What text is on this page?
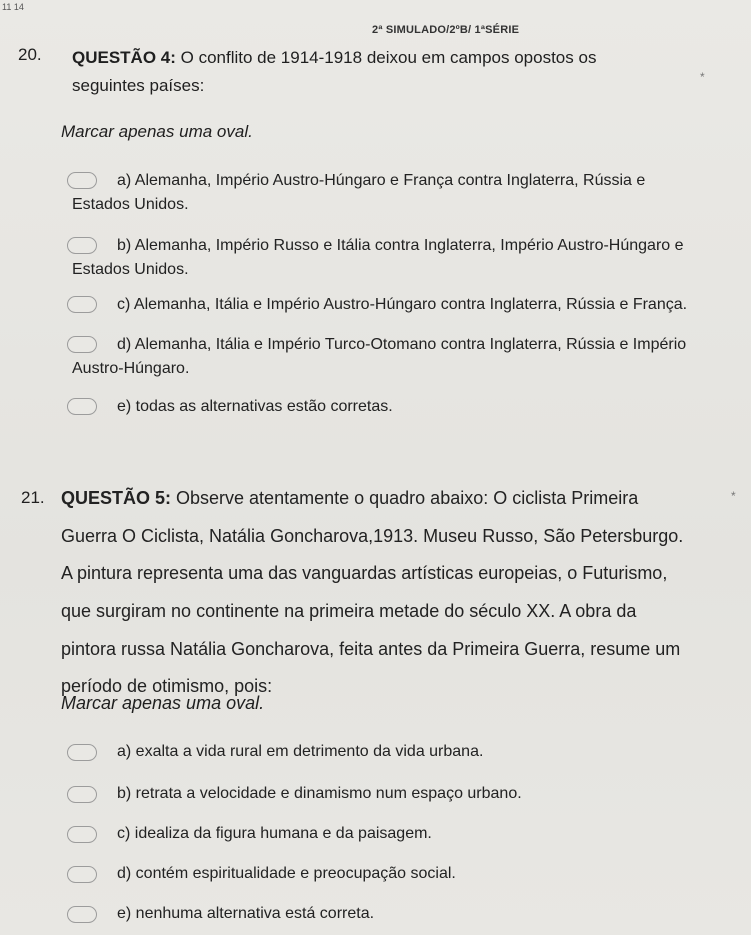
11 14
2ª SIMULADO/2ºB/ 1ªSÉRIE
20. QUESTÃO 4: O conflito de 1914-1918 deixou em campos opostos os
*
seguintes países:
Marcar apenas uma oval.
a) Alemanha, Império Austro-Húngaro e França contra Inglaterra, Rússia e
Estados Unidos.
b) Alemanha, Império Russo e Itália contra Inglaterra, Império Austro-Húngaro e
Estados Unidos.
c) Alemanha, Itália e Império Austro-Húngaro contra Inglaterra, Rússia e França.
d) Alemanha, Itália e Império Turco-Otomano contra Inglaterra, Rússia e Império
Austro-Húngaro.
e) todas as alternativas estão corretas.
21. QUESTÃO 5: Observe atentamente o quadro abaixo: O ciclista Primeira	*
Guerra O Ciclista, Natália Goncharova,1913. Museu Russo, São Petersburgo.
A pintura representa uma das vanguardas artísticas europeias, o Futurismo,
que surgiram no continente na primeira metade do século XX. A obra da
pintora russa Natália Goncharova, feita antes da Primeira Guerra, resume um
período de otimismo, pois:
Marcar apenas uma oval.
a) exalta a vida rural em detrimento da vida urbana.
b) retrata a velocidade e dinamismo num espaço urbano.
c) idealiza da figura humana e da paisagem.
d) contém espiritualidade e preocupação social.
e) nenhuma alternativa está correta.
